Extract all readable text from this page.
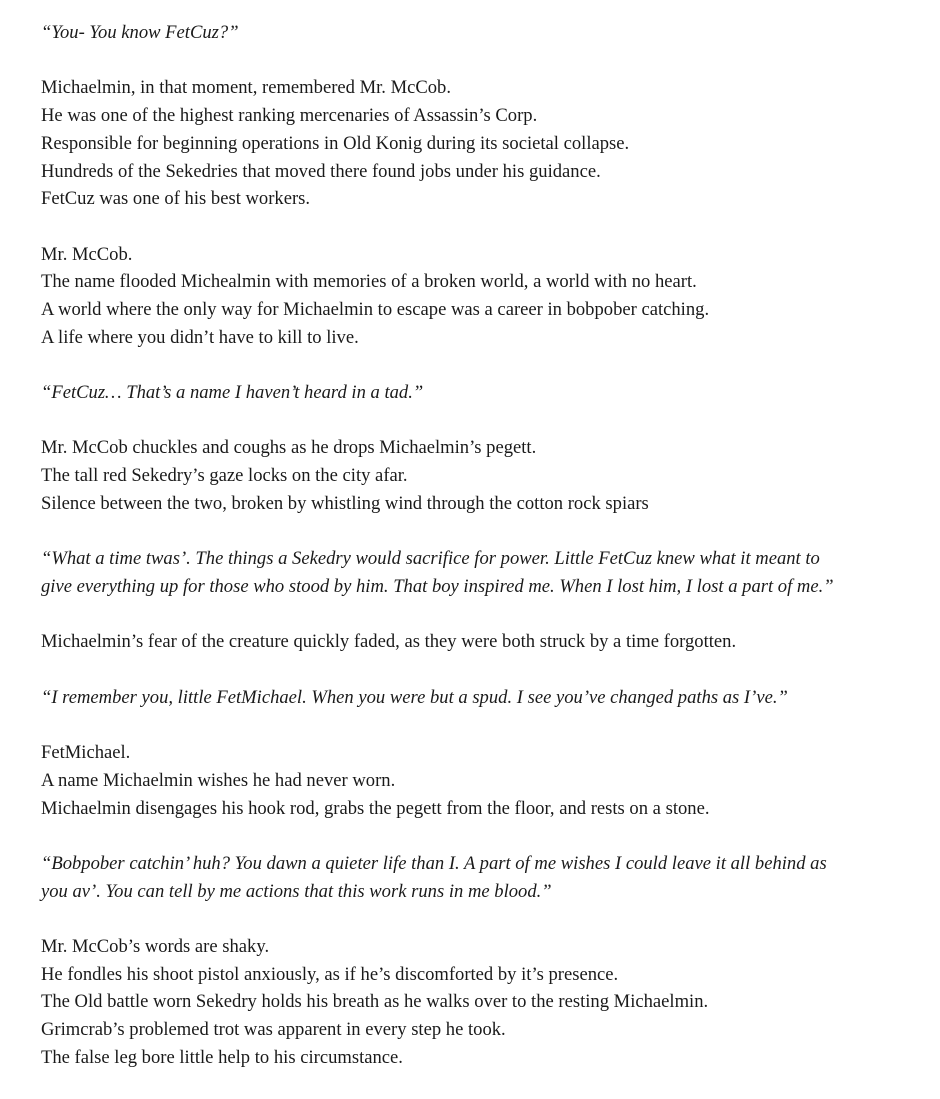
“You- You know FetCuz?”

Michaelmin, in that moment, remembered Mr. McCob.
He was one of the highest ranking mercenaries of Assassin’s Corp.
Responsible for beginning operations in Old Konig during its societal collapse.
Hundreds of the Sekedries that moved there found jobs under his guidance.
FetCuz was one of his best workers.

Mr. McCob.
The name flooded Michealmin with memories of a broken world, a world with no heart.
A world where the only way for Michaelmin to escape was a career in bobpober catching.
A life where you didn’t have to kill to live.

“FetCuz… That’s a name I haven’t heard in a tad.”

Mr. McCob chuckles and coughs as he drops Michaelmin’s pegett.
The tall red Sekedry’s gaze locks on the city afar.
Silence between the two, broken by whistling wind through the cotton rock spiars

“What a time twas’. The things a Sekedry would sacrifice for power. Little FetCuz knew what it meant to
give everything up for those who stood by him. That boy inspired me. When I lost him, I lost a part of me.”

Michaelmin’s fear of the creature quickly faded, as they were both struck by a time forgotten.

“I remember you, little FetMichael. When you were but a spud. I see you’ve changed paths as I’ve.”

FetMichael.
A name Michaelmin wishes he had never worn.
Michaelmin disengages his hook rod, grabs the pegett from the floor, and rests on a stone.

“Bobpober catchin’ huh? You dawn a quieter life than I. A part of me wishes I could leave it all behind as
you av’. You can tell by me actions that this work runs in me blood.”

Mr. McCob’s words are shaky.
He fondles his shoot pistol anxiously, as if he’s discomforted by it’s presence.
The Old battle worn Sekedry holds his breath as he walks over to the resting Michaelmin.
Grimcrab’s problemed trot was apparent in every step he took.
The false leg bore little help to his circumstance.
